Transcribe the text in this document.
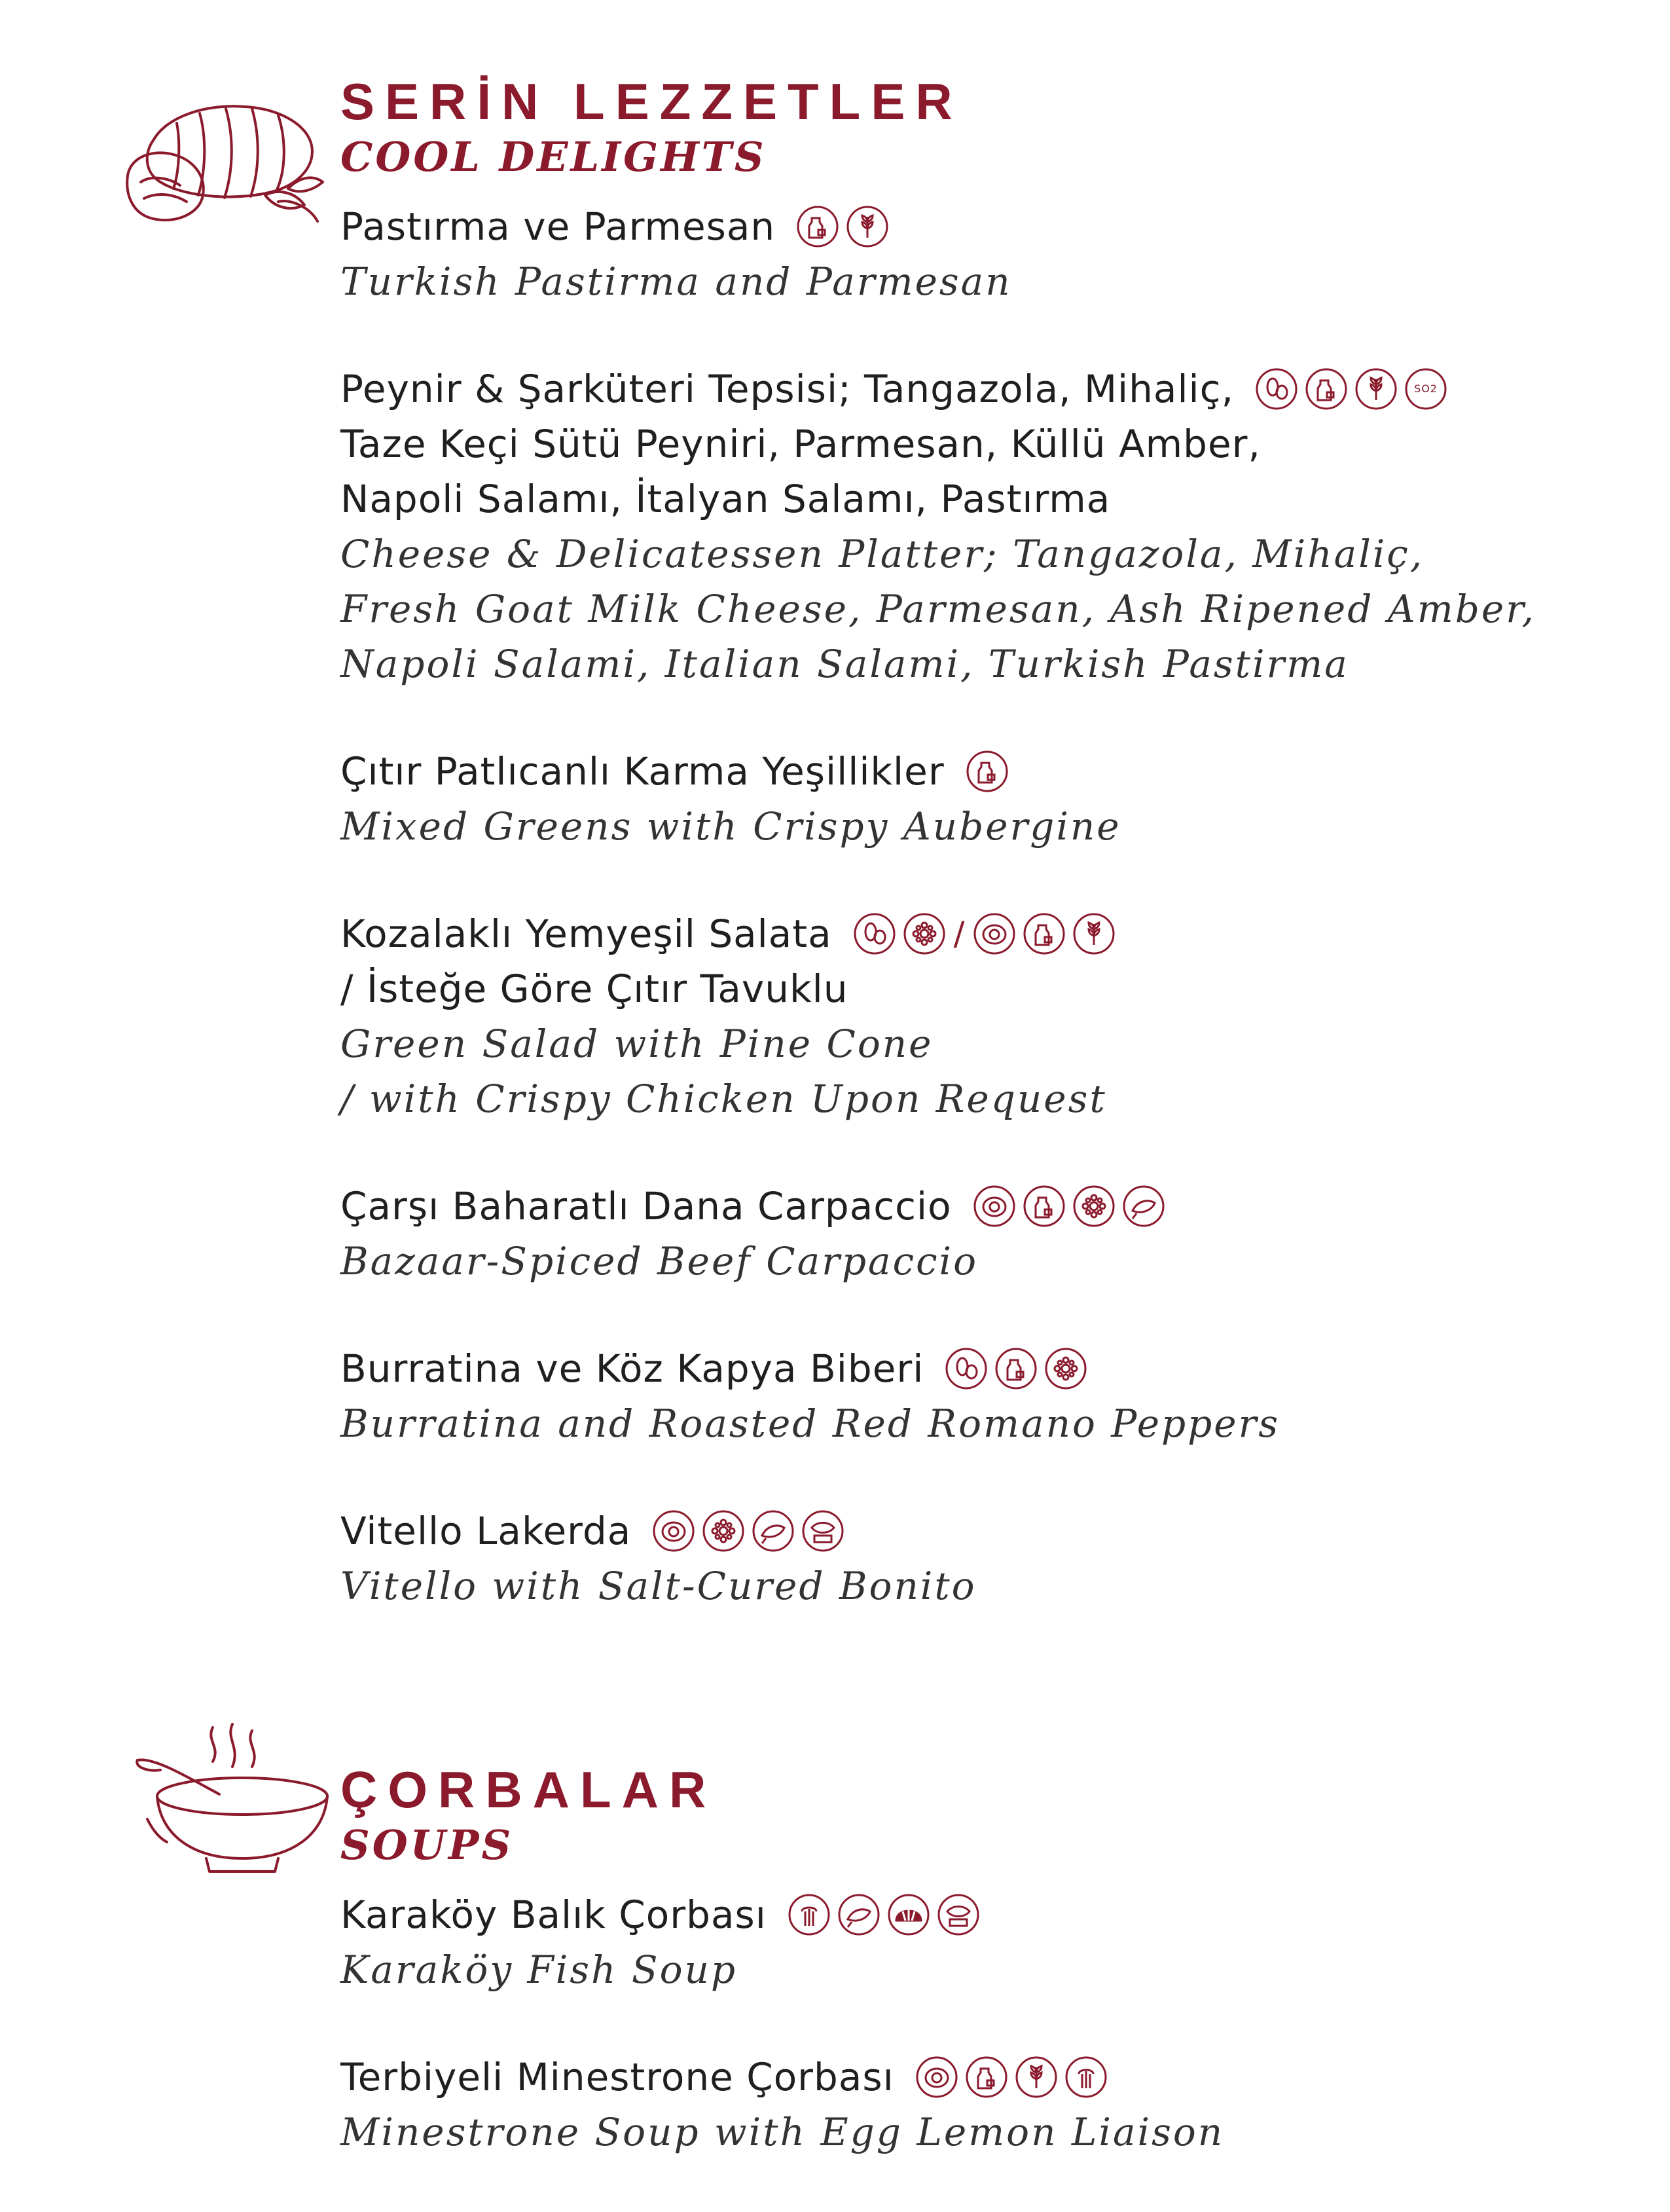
SERİN LEZZETLER
COOL DELIGHTS
Pastırma ve Parmesan
Turkish Pastirma and Parmesan
Peynir & Şarküteri Tepsisi; Tangazola, Mihaliç,	SO2
Taze Keçi Sütü Peyniri, Parmesan, Küllü Amber,
Napoli Salamı, İtalyan Salamı, Pastırma
Cheese & Delicatessen Platter; Tangazola, Mihaliç,
Fresh Goat Milk Cheese, Parmesan, Ash Ripened Amber,
Napoli Salami, Italian Salami, Turkish Pastirma
Çıtır Patlıcanlı Karma Yeşillikler
Mixed Greens with Crispy Aubergine
Kozalaklı Yemyeşil Salata	/
/ İsteğe Göre Çıtır Tavuklu
Green Salad with Pine Cone
/ with Crispy Chicken Upon Request
Çarşı Baharatlı Dana Carpaccio
Bazaar-Spiced Beef Carpaccio
Burratina ve Köz Kapya Biberi
Burratina and Roasted Red Romano Peppers
Vitello Lakerda
Vitello with Salt-Cured Bonito
ÇORBALAR
SOUPS
Karaköy Balık Çorbası
Karaköy Fish Soup
Terbiyeli Minestrone Çorbası
Minestrone Soup with Egg Lemon Liaison
